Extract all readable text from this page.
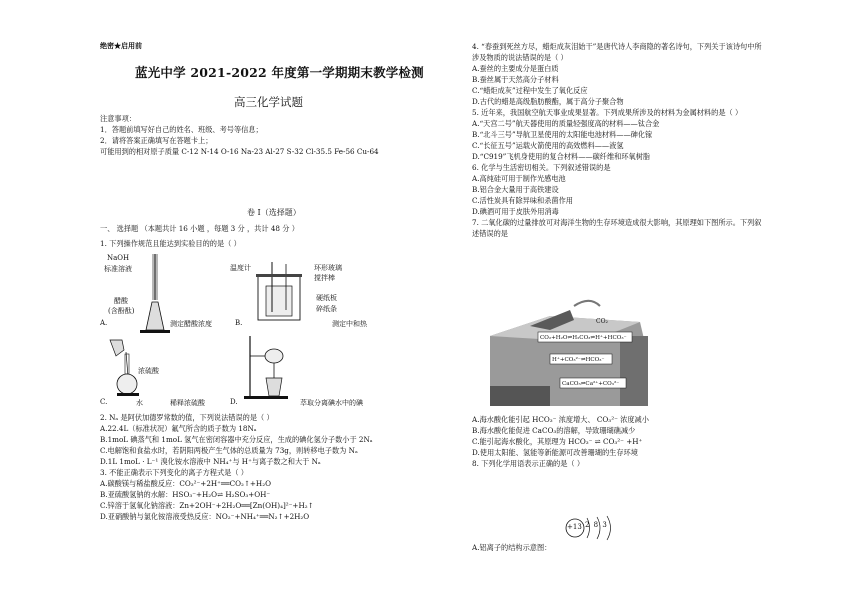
绝密★启用前
蓝光中学 2021-2022 年度第一学期期末教学检测
高三化学试题
注意事项：
1．答题前填写好自己的姓名、班级、考号等信息；
2．请将答案正确填写在答题卡上；
可能用到的相对原子质量 C-12 N-14 O-16 Na-23 Al-27 S-32 Cl-35.5 Fe-56 Cu-64
卷 I（选择题）
一、 选择题 （本题共计 16 小题 ，每题 3 分 ，共计 48 分 ）
1. 下列操作规范且能达到实验目的的是（ ）
NaOH
标准溶液
醋酸
(含酚酞)
A.	测定醋酸浓度	B.
温度计	环形玻璃
搅拌棒
硬纸板
碎纸条
测定中和热
浓硫酸
C.	水	稀释浓硫酸	D.	萃取分离碘水中的碘
2. Nₐ 是阿伏加德罗常数的值，下列说法错误的是（ ）
A.22.4L（标准状况）氟气所含的质子数为 18Nₐ
B.1moL 碘蒸气和 1moL 氢气在密闭容器中充分反应，生成的碘化氢分子数小于 2Nₐ
C.电解饱和食盐水时，若阴阳两极产生气体的总质量为 73g，则转移电子数为 Nₐ
D.1L 1moL · L⁻¹ 溴化铵水溶液中 NH₄⁺与 H⁺与离子数之和大于 Nₐ
3. 不能正确表示下列变化的离子方程式是（ ）
A.碳酸镁与稀盐酸反应：CO₃²⁻+2H⁺══CO₂↑+H₂O
B.亚硫酸氢钠的水解：HSO₃⁻+H₂O⇌ H₂SO₃+OH⁻
C.锌溶于氢氧化钠溶液：Zn+2OH⁻+2H₂O══[Zn(OH)₄]²⁻+H₂↑
D.亚硝酸钠与氯化铵溶液受热反应：NO₂⁻+NH₄⁺══N₂↑+2H₂O
4. “春蚕到死丝方尽，蜡炬成灰泪始干”是唐代诗人李商隐的著名诗句，下列关于该诗句中所
涉及物质的说法错误的是（ ）
A.蚕丝的主要成分是蛋白质
B.蚕丝属于天然高分子材料
C.“蜡炬成灰”过程中发生了氧化反应
D.古代的蜡是高级脂肪酸酯，属于高分子聚合物
5. 近年来，我国航空航天事业成果显著。下列成果所涉及的材料为金属材料的是（ ）
A.“天宫二号”航天器使用的质量轻强度高的材料——钛合金
B.“北斗三号”导航卫星使用的太阳能电池材料——砷化镓
C.“长征五号”运载火箭使用的高效燃料——液氢
D.“C919”飞机身使用的复合材料——碳纤维和环氧树脂
6. 化学与生活密切相关。下列叙述错误的是
A.高纯硅可用于制作光感电池
B.铝合金大量用于高铁建设
C.活性炭具有除异味和杀菌作用
D.碘酒可用于皮肤外用消毒
7. 二氧化碳的过量排放可对海洋生物的生存环境造成很大影响，其原理如下图所示。下列叙
述错误的是
CO₂
CO₂+H₂O⇌H₂CO₃⇌H⁺+HCO₃⁻
H⁺+CO₃²⁻⇌HCO₃⁻
CaCO₃⇌Ca²⁺+CO₃²⁻
A.海水酸化能引起 HCO₃⁻ 浓度增大、 CO₃²⁻ 浓度减小
B.海水酸化能促进 CaCO₃的溶解，导致珊瑚礁减少
C.能引起海水酸化，其原理为 HCO₃⁻ ⇌ CO₃²⁻ +H⁺
D.使用太阳能、氢能等新能源可改善珊瑚的生存环境
8. 下列化学用语表示正确的是（ ）
+13 2 8 3
A.铝离子的结构示意图：
